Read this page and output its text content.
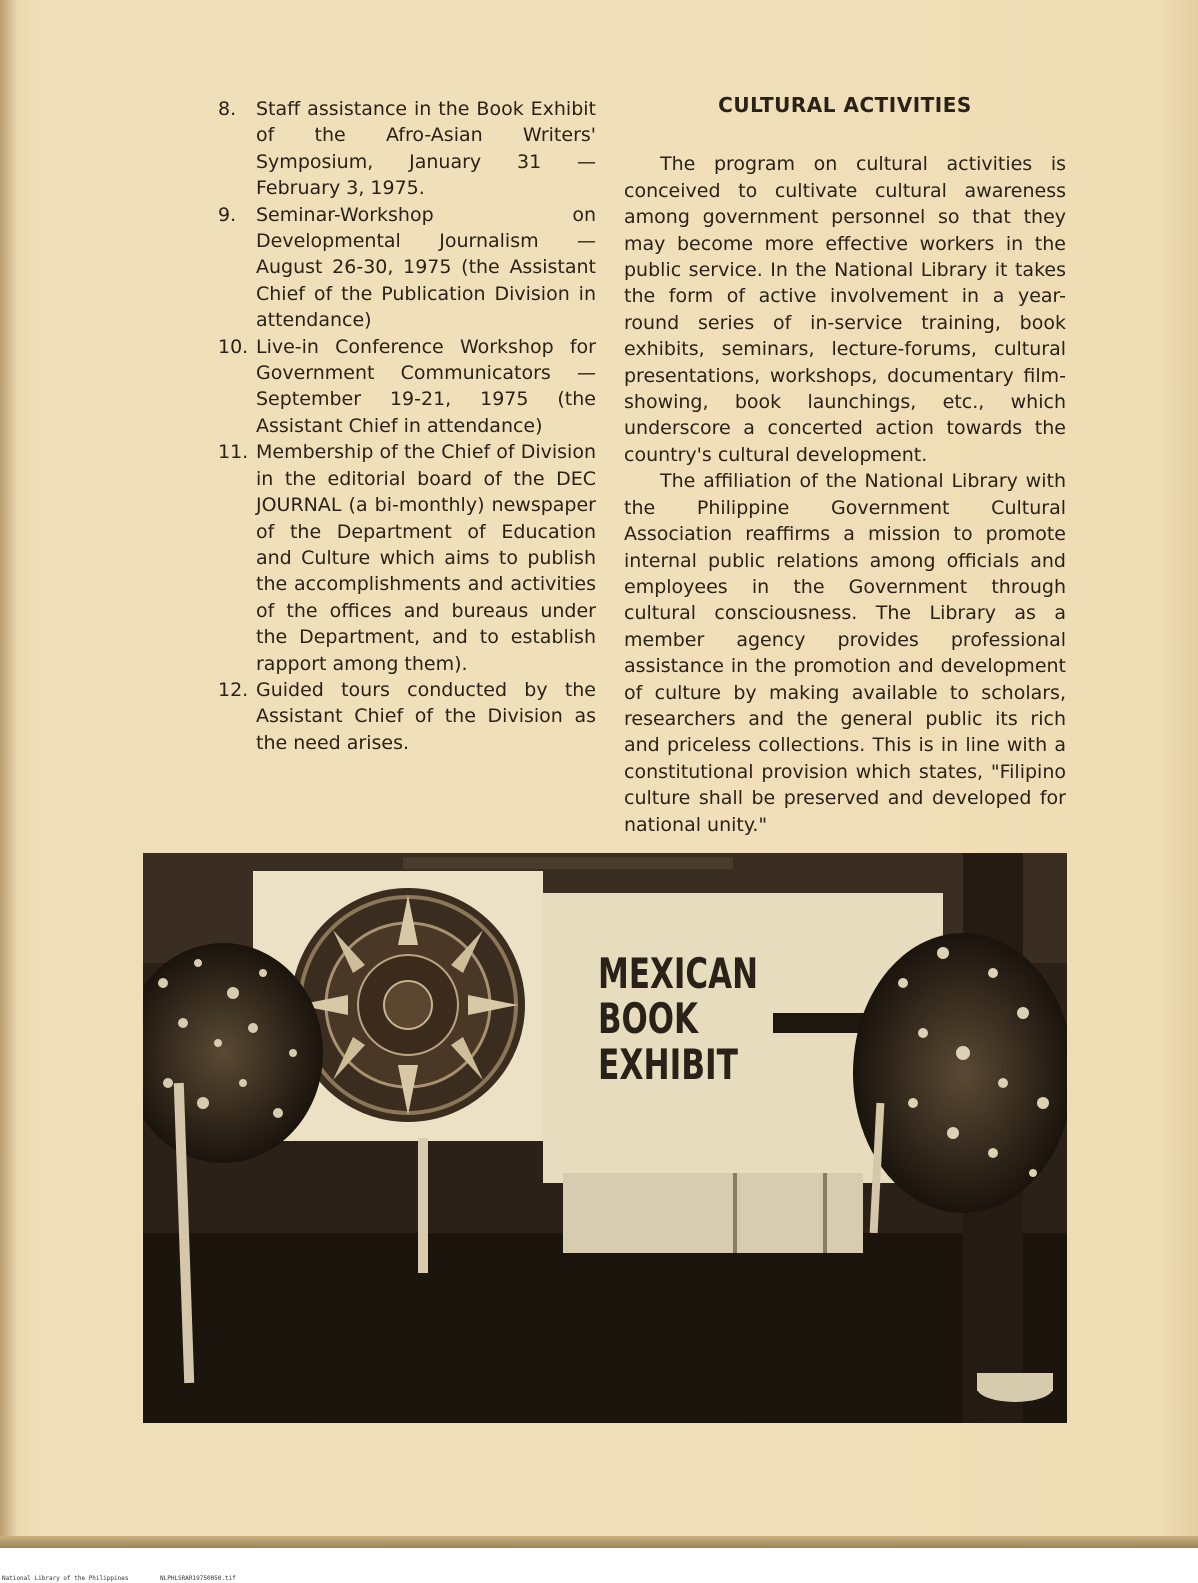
8.	Staff assistance in the Book Exhibit of the Afro-Asian Writers' Symposium, January 31 — February 3, 1975.
9.	Seminar-Workshop on Developmental Journalism — August 26-30, 1975 (the Assistant Chief of the Publication Division in attendance)
10. Live-in Conference Workshop for Government Communicators — September 19-21, 1975 (the Assistant Chief in attendance)
11. Membership of the Chief of Division in the editorial board of the DEC JOURNAL (a bi-monthly) newspaper of the Department of Education and Culture which aims to publish the accomplishments and activities of the offices and bureaus under the Department, and to establish rapport among them).
12. Guided tours conducted by the Assistant Chief of the Division as the need arises.
CULTURAL ACTIVITIES

The program on cultural activities is conceived to cultivate cultural awareness among government personnel so that they may become more effective workers in the public service. In the National Library it takes the form of active involvement in a year-round series of in-service training, book exhibits, seminars, lecture-forums, cultural presentations, workshops, documentary film-showing, book launchings, etc., which underscore a concerted action towards the country's cultural development.

The affiliation of the National Library with the Philippine Government Cultural Association reaffirms a mission to promote internal public relations among officials and employees in the Government through cultural consciousness. The Library as a member agency provides professional assistance in the promotion and development of culture by making available to scholars, researchers and the general public its rich and priceless collections. This is in line with a constitutional provision which states, "Filipino culture shall be preserved and developed for national unity."

MEXICAN
BOOK
EXHIBIT
National Library of the Philippines	NLPHLSRAR19750050.tif
